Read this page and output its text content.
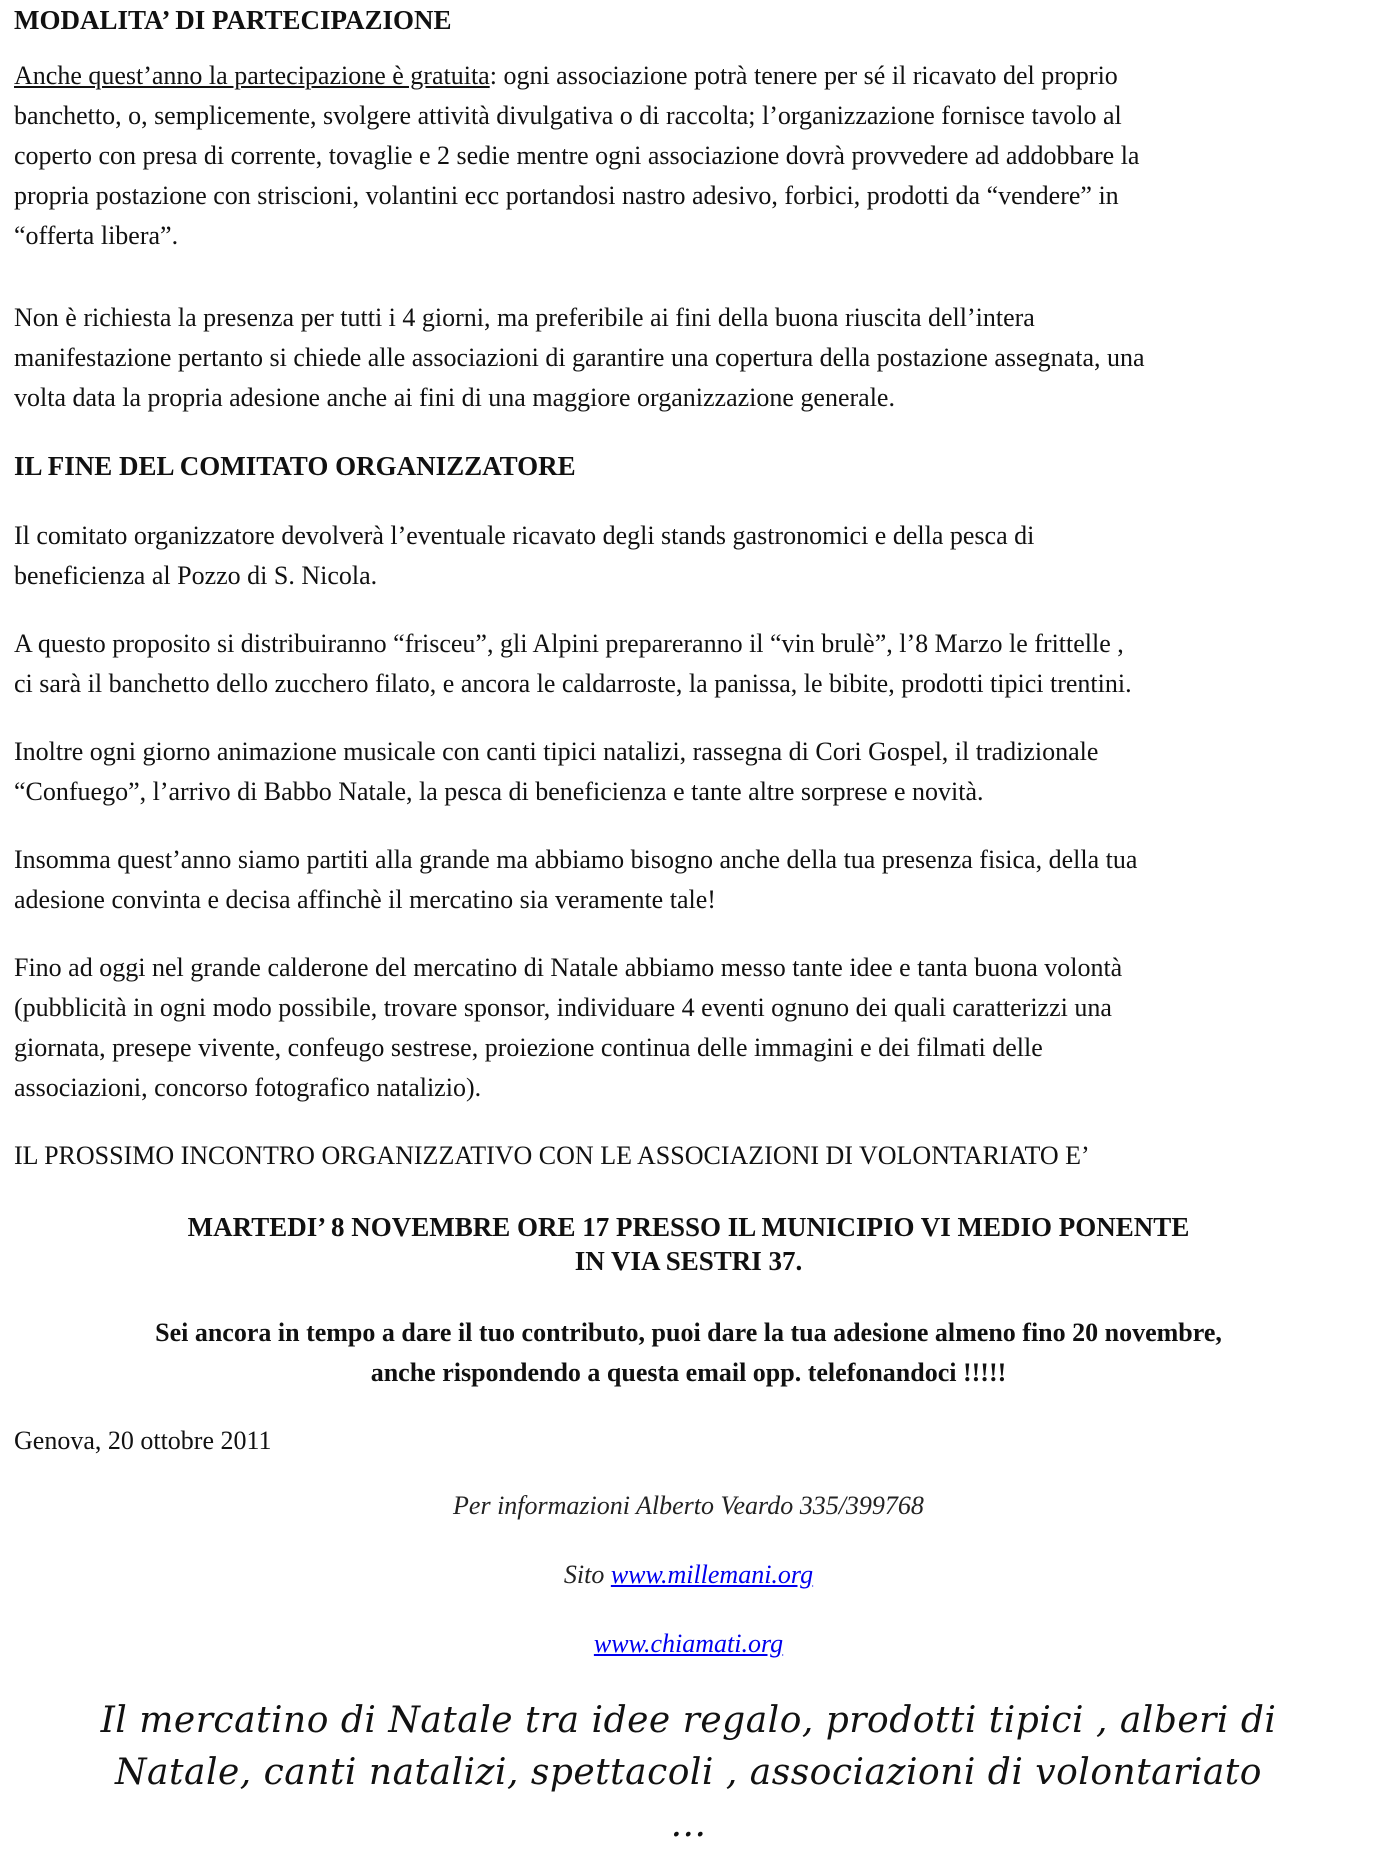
MODALITA’ DI PARTECIPAZIONE

Anche quest’anno la partecipazione è gratuita: ogni associazione potrà tenere per sé il ricavato del proprio
banchetto, o, semplicemente, svolgere attività divulgativa o di raccolta; l’organizzazione fornisce tavolo al
coperto con presa di corrente, tovaglie e 2 sedie mentre ogni associazione dovrà provvedere ad addobbare la
propria postazione con striscioni, volantini ecc portandosi nastro adesivo, forbici, prodotti da “vendere” in
“offerta libera”.

Non è richiesta la presenza per tutti i 4 giorni, ma preferibile ai fini della buona riuscita dell’intera
manifestazione pertanto si chiede alle associazioni di garantire una copertura della postazione assegnata, una
volta data la propria adesione anche ai fini di una maggiore organizzazione generale.

IL FINE DEL COMITATO ORGANIZZATORE

Il comitato organizzatore devolverà l’eventuale ricavato degli stands gastronomici e della pesca di
beneficienza al Pozzo di S. Nicola.

A questo proposito si distribuiranno “frisceu”, gli Alpini prepareranno il “vin brulè”, l’8 Marzo le frittelle ,
ci sarà il banchetto dello zucchero filato, e ancora le caldarroste, la panissa, le bibite, prodotti tipici trentini.

Inoltre ogni giorno animazione musicale con canti tipici natalizi, rassegna di Cori Gospel, il tradizionale
“Confuego”, l’arrivo di Babbo Natale, la pesca di beneficienza e tante altre sorprese e novità.

Insomma quest’anno siamo partiti alla grande ma abbiamo bisogno anche della tua presenza fisica, della tua
adesione convinta e decisa affinchè il mercatino sia veramente tale!

Fino ad oggi nel grande calderone del mercatino di Natale abbiamo messo tante idee e tanta buona volontà
(pubblicità in ogni modo possibile, trovare sponsor, individuare 4 eventi ognuno dei quali caratterizzi una
giornata, presepe vivente, confeugo sestrese, proiezione continua delle immagini e dei filmati delle
associazioni, concorso fotografico natalizio).

IL PROSSIMO INCONTRO ORGANIZZATIVO CON LE ASSOCIAZIONI DI VOLONTARIATO E’

MARTEDI’ 8 NOVEMBRE ORE 17 PRESSO IL MUNICIPIO VI MEDIO PONENTE
IN VIA SESTRI 37.
Sei ancora in tempo a dare il tuo contributo, puoi dare la tua adesione almeno fino 20 novembre,
anche rispondendo a questa email opp. telefonandoci !!!!!

Genova, 20 ottobre 2011

Per informazioni Alberto Veardo 335/399768
Sito www.millemani.org
www.chiamati.org
Il mercatino di Natale tra idee regalo, prodotti tipici , alberi di
Natale, canti natalizi, spettacoli , associazioni di volontariato
...
